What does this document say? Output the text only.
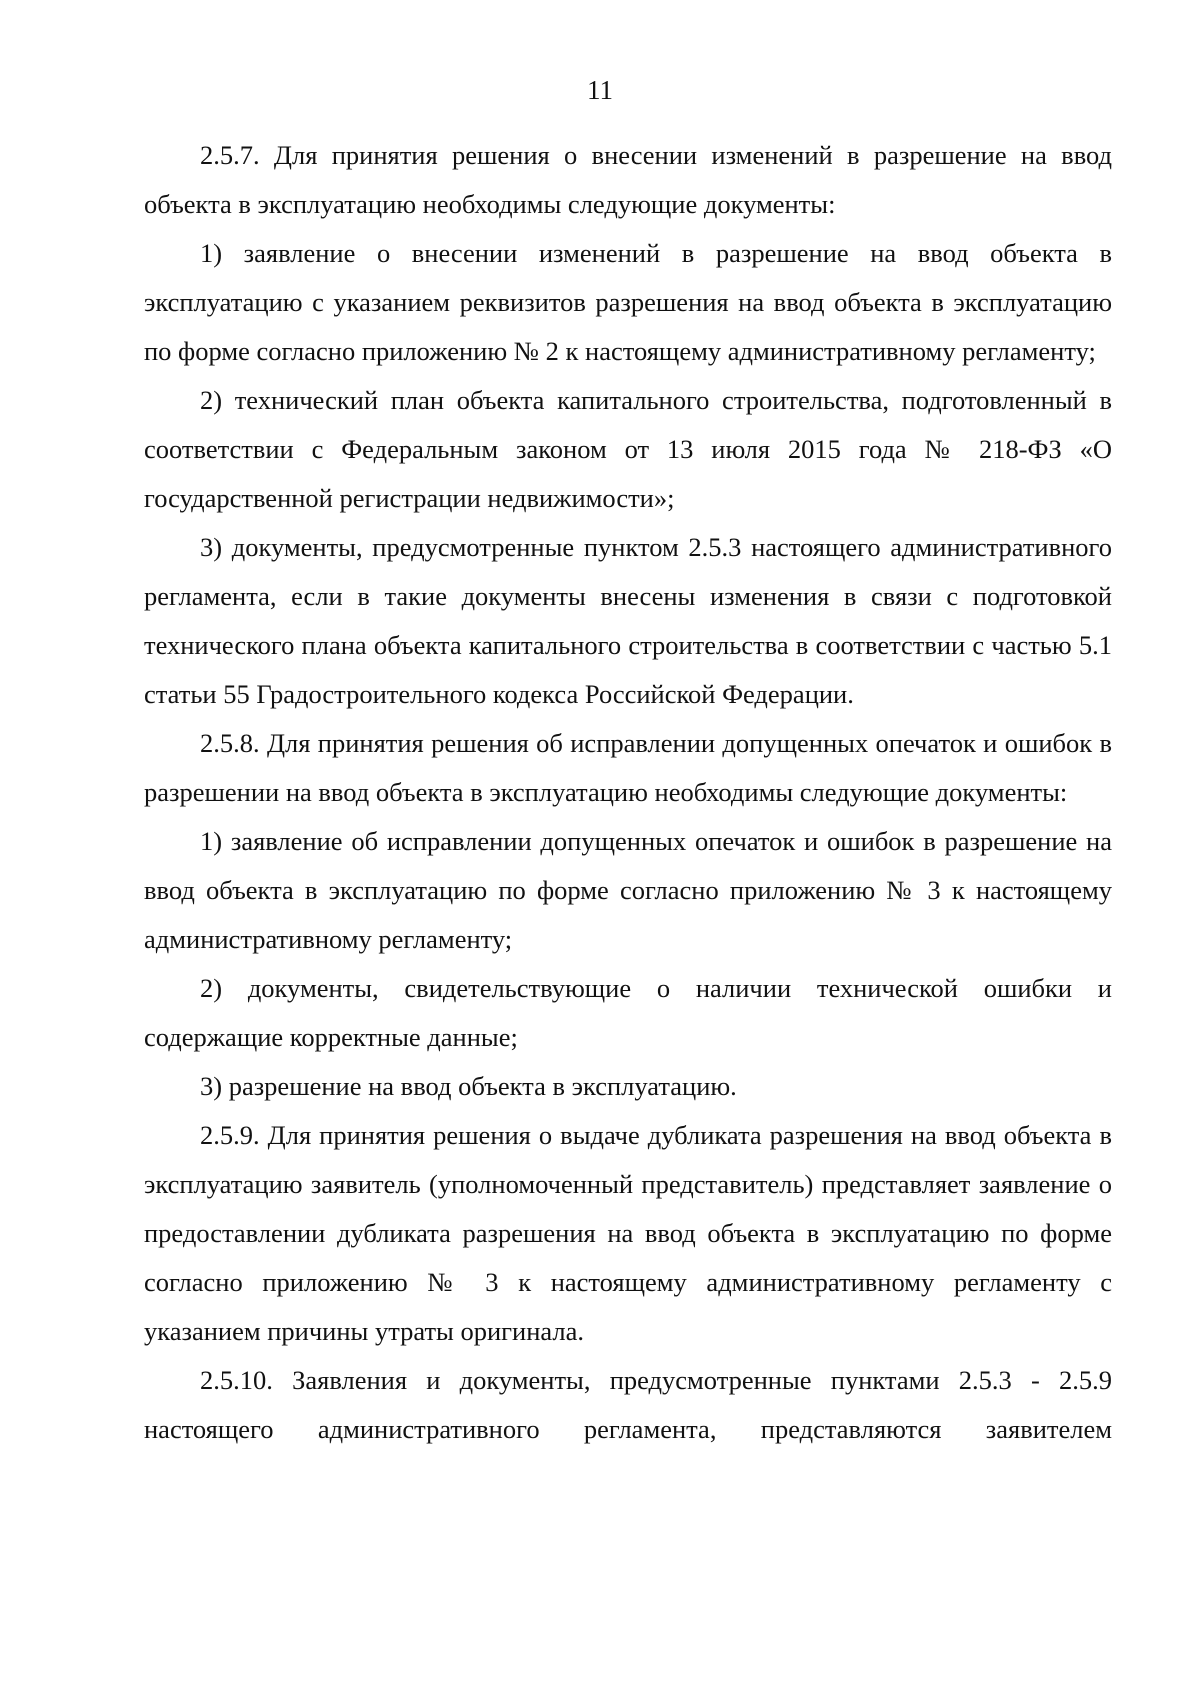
11

2.5.7. Для принятия решения о внесении изменений в разрешение на ввод объекта в эксплуатацию необходимы следующие документы:

1) заявление о внесении изменений в разрешение на ввод объекта в эксплуатацию с указанием реквизитов разрешения на ввод объекта в эксплуатацию по форме согласно приложению № 2 к настоящему административному регламенту;

2) технический план объекта капитального строительства, подготовленный в соответствии с Федеральным законом от 13 июля 2015 года № 218-ФЗ «О государственной регистрации недвижимости»;

3) документы, предусмотренные пунктом 2.5.3 настоящего административного регламента, если в такие документы внесены изменения в связи с подготовкой технического плана объекта капитального строительства в соответствии с частью 5.1 статьи 55 Градостроительного кодекса Российской Федерации.

2.5.8. Для принятия решения об исправлении допущенных опечаток и ошибок в разрешении на ввод объекта в эксплуатацию необходимы следующие документы:

1) заявление об исправлении допущенных опечаток и ошибок в разрешение на ввод объекта в эксплуатацию по форме согласно приложению № 3 к настоящему административному регламенту;

2) документы, свидетельствующие о наличии технической ошибки и содержащие корректные данные;

3) разрешение на ввод объекта в эксплуатацию.

2.5.9. Для принятия решения о выдаче дубликата разрешения на ввод объекта в эксплуатацию заявитель (уполномоченный представитель) представляет заявление о предоставлении дубликата разрешения на ввод объекта в эксплуатацию по форме согласно приложению № 3 к настоящему административному регламенту с указанием причины утраты оригинала.

2.5.10. Заявления и документы, предусмотренные пунктами 2.5.3 - 2.5.9 настоящего административного регламента, представляются заявителем
